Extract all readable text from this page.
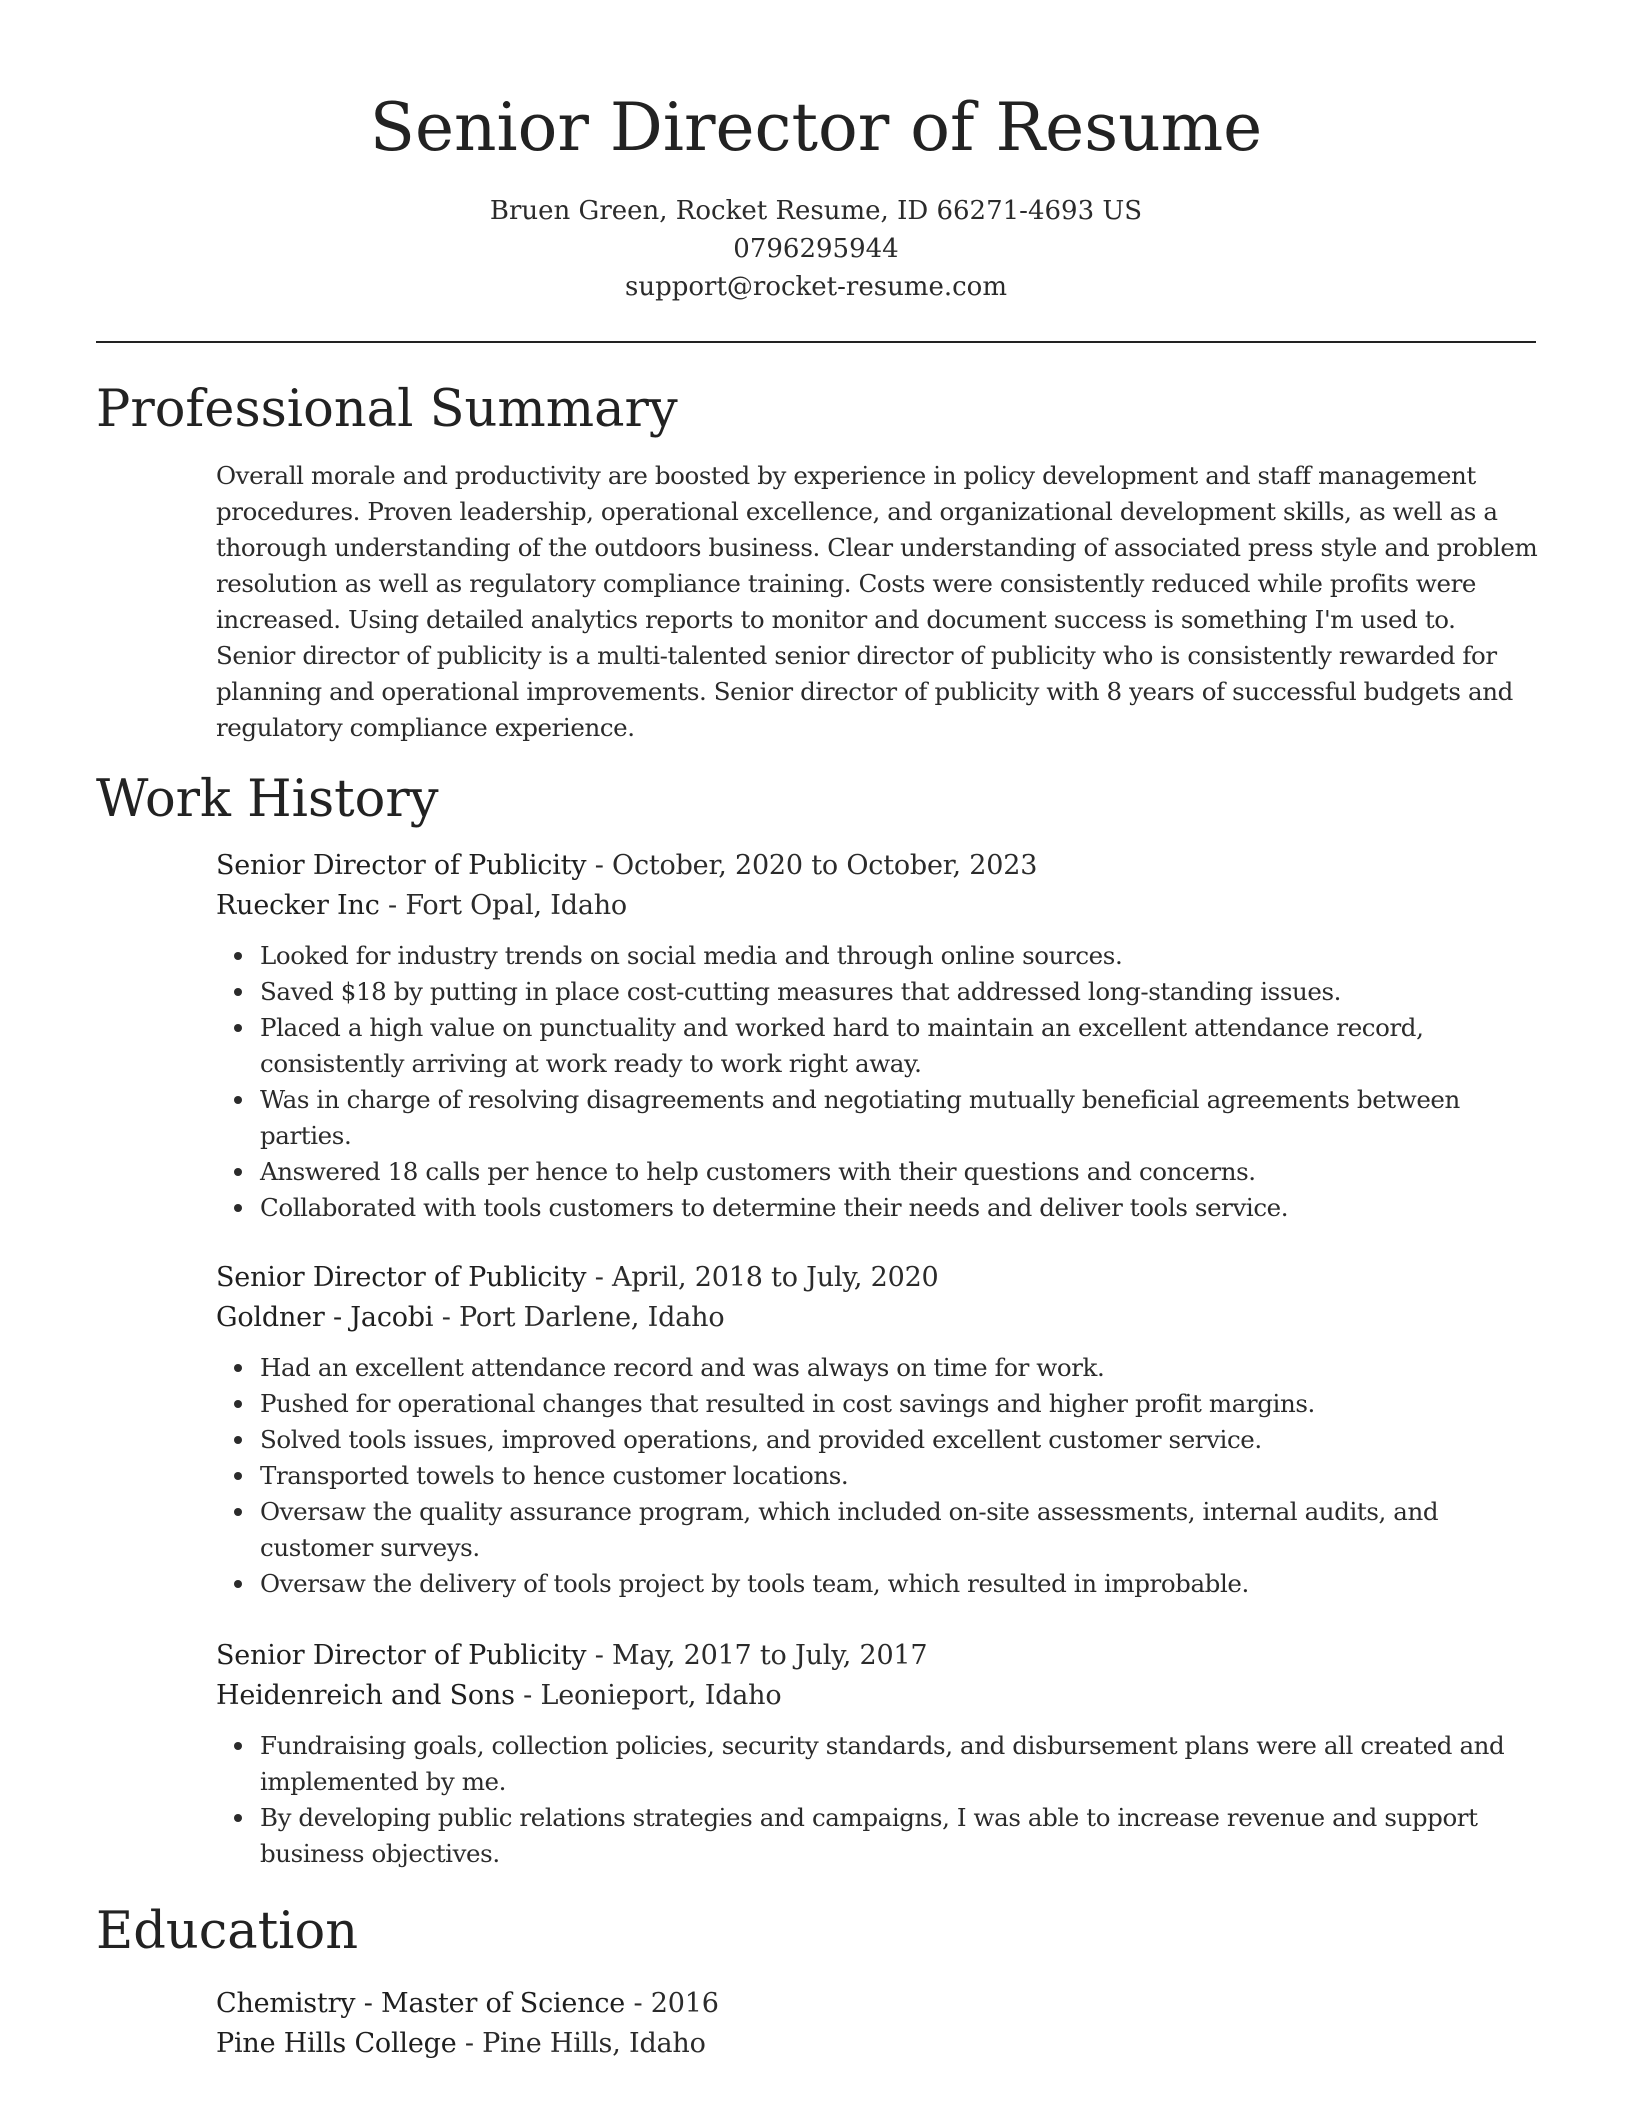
Senior Director of Resume
Bruen Green, Rocket Resume, ID 66271-4693 US
0796295944
support@rocket-resume.com
Professional Summary

Overall morale and productivity are boosted by experience in policy development and staff management procedures. Proven leadership, operational excellence, and organizational development skills, as well as a thorough understanding of the outdoors business. Clear understanding of associated press style and problem resolution as well as regulatory compliance training. Costs were consistently reduced while profits were increased. Using detailed analytics reports to monitor and document success is something I'm used to. Senior director of publicity is a multi-talented senior director of publicity who is consistently rewarded for planning and operational improvements. Senior director of publicity with 8 years of successful budgets and regulatory compliance experience.

Work History
Senior Director of Publicity - October, 2020 to October, 2023
Ruecker Inc - Fort Opal, Idaho
Looked for industry trends on social media and through online sources.
Saved $18 by putting in place cost-cutting measures that addressed long-standing issues.
Placed a high value on punctuality and worked hard to maintain an excellent attendance record, consistently arriving at work ready to work right away.
Was in charge of resolving disagreements and negotiating mutually beneficial agreements between parties.
Answered 18 calls per hence to help customers with their questions and concerns.
Collaborated with tools customers to determine their needs and deliver tools service.
Senior Director of Publicity - April, 2018 to July, 2020
Goldner - Jacobi - Port Darlene, Idaho
Had an excellent attendance record and was always on time for work.
Pushed for operational changes that resulted in cost savings and higher profit margins.
Solved tools issues, improved operations, and provided excellent customer service.
Transported towels to hence customer locations.
Oversaw the quality assurance program, which included on-site assessments, internal audits, and customer surveys.
Oversaw the delivery of tools project by tools team, which resulted in improbable.
Senior Director of Publicity - May, 2017 to July, 2017
Heidenreich and Sons - Leonieport, Idaho
Fundraising goals, collection policies, security standards, and disbursement plans were all created and implemented by me.
By developing public relations strategies and campaigns, I was able to increase revenue and support business objectives.
Education
Chemistry - Master of Science - 2016
Pine Hills College - Pine Hills, Idaho
